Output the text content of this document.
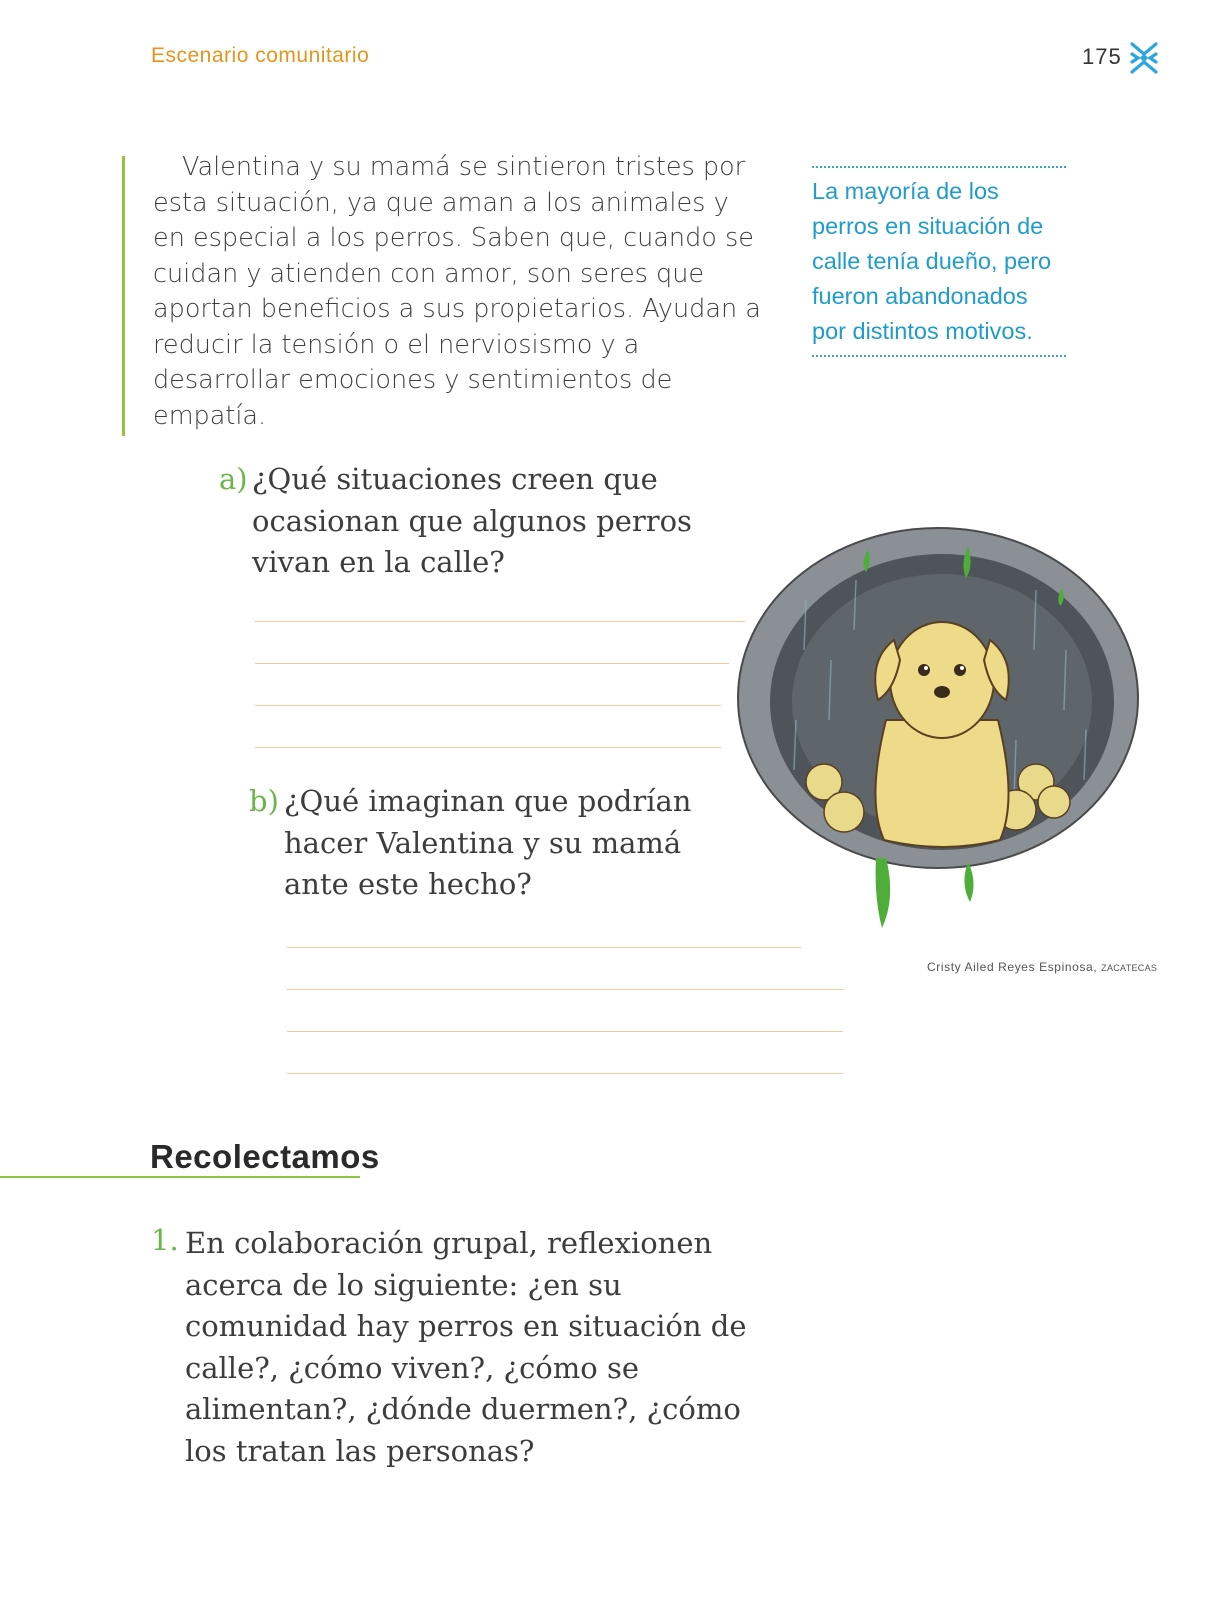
Escenario comunitario	175

Valentina y su mamá se sintieron tristes por esta situación, ya que aman a los animales y en especial a los perros. Saben que, cuando se cuidan y atienden con amor, son seres que aportan beneficios a sus propietarios. Ayudan a reducir la tensión o el nerviosismo y a desarrollar emociones y sentimientos de empatía.

La mayoría de los perros en situación de calle tenía dueño, pero fueron abandonados por distintos motivos.
a) ¿Qué situaciones creen que ocasionan que algunos perros vivan en la calle?

b) ¿Qué imaginan que podrían hacer Valentina y su mamá ante este hecho?

Cristy Ailed Reyes Espinosa, ZACATECAS
Recolectamos
1. En colaboración grupal, reflexionen acerca de lo siguiente: ¿en su comunidad hay perros en situación de calle?, ¿cómo viven?, ¿cómo se alimentan?, ¿dónde duermen?, ¿cómo los tratan las personas?
